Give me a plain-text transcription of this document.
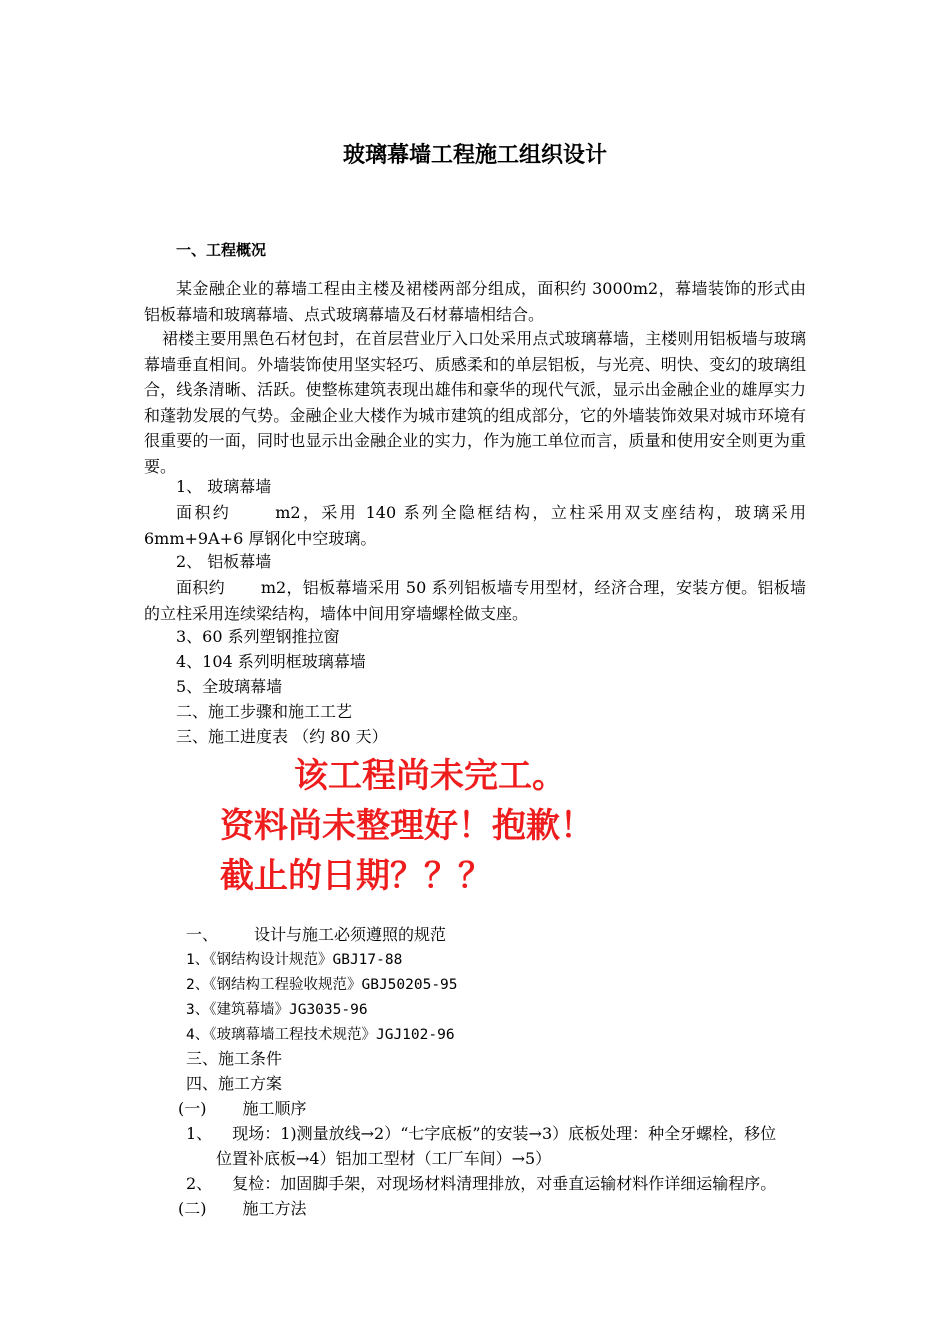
玻璃幕墙工程施工组织设计
一、工程概况
某金融企业的幕墙工程由主楼及裙楼两部分组成，面积约 3000m2，幕墙装饰的形式由铝板幕墙和玻璃幕墙、点式玻璃幕墙及石材幕墙相结合。
裙楼主要用黑色石材包封，在首层营业厅入口处采用点式玻璃幕墙，主楼则用铝板墙与玻璃幕墙垂直相间。外墙装饰使用坚实轻巧、质感柔和的单层铝板，与光亮、明快、变幻的玻璃组合，线条清晰、活跃。使整栋建筑表现出雄伟和豪华的现代气派，显示出金融企业的雄厚实力和蓬勃发展的气势。金融企业大楼作为城市建筑的组成部分，它的外墙装饰效果对城市环境有很重要的一面，同时也显示出金融企业的实力，作为施工单位而言，质量和使用安全则更为重要。
1、 玻璃幕墙
面积约	m2，采用 140 系列全隐框结构，立柱采用双支座结构，玻璃采用 6mm+9A+6 厚钢化中空玻璃。
2、 铝板幕墙
面积约 m2，铝板幕墙采用 50 系列铝板墙专用型材，经济合理，安装方便。铝板墙的立柱采用连续梁结构，墙体中间用穿墙螺栓做支座。
3、60 系列塑钢推拉窗
4、104 系列明框玻璃幕墙
5、全玻璃幕墙
二、施工步骤和施工工艺
三、施工进度表 （约 80 天）
该工程尚未完工。
资料尚未整理好！抱歉！
截止的日期？？？
一、 设计与施工必须遵照的规范
1、《钢结构设计规范》GBJ17-88
2、《钢结构工程验收规范》GBJ50205-95
3、《建筑幕墙》JG3035-96
4、《玻璃幕墙工程技术规范》JGJ102-96
三、施工条件
四、施工方案
(一) 施工顺序
1、 现场：1)测量放线→2）“七字底板”的安装→3）底板处理：种全牙螺栓，移位
位置补底板→4）铝加工型材（工厂车间）→5）
2、 复检：加固脚手架，对现场材料清理排放，对垂直运输材料作详细运输程序。
(二) 施工方法
